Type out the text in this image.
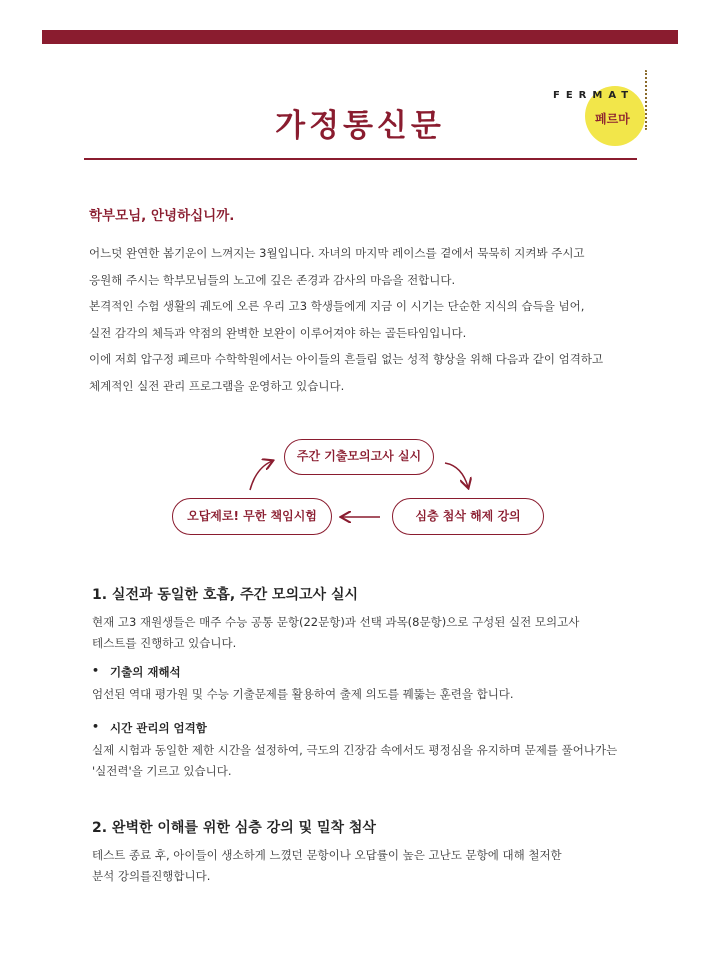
FERMAT
페르마
가정통신문
학부모님, 안녕하십니까.

어느덧 완연한 봄기운이 느껴지는 3월입니다. 자녀의 마지막 레이스를 곁에서 묵묵히 지켜봐 주시고

응원해 주시는 학부모님들의 노고에 깊은 존경과 감사의 마음을 전합니다.

본격적인 수험 생활의 궤도에 오른 우리 고3 학생들에게 지금 이 시기는 단순한 지식의 습득을 넘어,

실전 감각의 체득과 약점의 완벽한 보완이 이루어져야 하는 골든타임입니다.

이에 저희 압구정 페르마 수학학원에서는 아이들의 흔들림 없는 성적 향상을 위해 다음과 같이 엄격하고

체계적인 실전 관리 프로그램을 운영하고 있습니다.

주간 기출모의고사 실시
심층 첨삭 해제 강의
오답제로! 무한 책임시험

1. 실전과 동일한 호흡, 주간 모의고사 실시

현재 고3 재원생들은 매주 수능 공통 문항(22문항)과 선택 과목(8문항)으로 구성된 실전 모의고사

테스트를 진행하고 있습니다.

• 기출의 재해석

엄선된 역대 평가원 및 수능 기출문제를 활용하여 출제 의도를 꿰뚫는 훈련을 합니다.

• 시간 관리의 엄격함

실제 시험과 동일한 제한 시간을 설정하여, 극도의 긴장감 속에서도 평정심을 유지하며 문제를 풀어나가는

'실전력'을 기르고 있습니다.

2. 완벽한 이해를 위한 심층 강의 및 밀착 첨삭

테스트 종료 후, 아이들이 생소하게 느꼈던 문항이나 오답률이 높은 고난도 문항에 대해 철저한

분석 강의를진행합니다.
